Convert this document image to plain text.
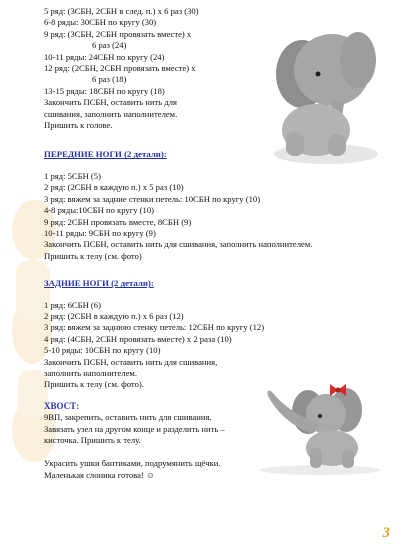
5 ряд: (3СБН, 2СБН в след. п.) х 6 раз (30)
6-8 ряды: 30СБН по кругу (30)
9 ряд: (3СБН, 2СБН провязать вместе) х
6 раз (24)
10-11 ряды: 24СБН по кругу (24)
12 ряд: (2СБН, 2СБН провязать вместе) х
6 раз (18)
13-15 ряды: 18СБН по кругу (18)
Закончить ПСБН, оставить нить для
сшивания, заполнить наполнителем.
Пришить к голове.
ПЕРЕДНИЕ НОГИ (2 детали):
1 ряд: 5СБН (5)
2 ряд: (2СБН в каждую п.) х 5 раз (10)
3 ряд: вяжем за задние стенки петель: 10СБН по кругу (10)
4-8 ряды:10СБН по кругу (10)
9 ряд: 2СБН провязать вместе, 8СБН (9)
10-11 ряды: 9СБН по кругу (9)
Закончить ПСБН, оставить нить для сшивания, заполнить наполнителем.
Пришить к телу (см. фото)
ЗАДНИЕ НОГИ (2 детали):
1 ряд: 6СБН (6)
2 ряд: (2СБН в каждую п.) х 6 раз (12)
3 ряд: вяжем за заднюю стенку петель: 12СБН по кругу (12)
4 ряд: (4СБН, 2СБН провязать вместе) х 2 раза (10)
5-10 ряды: 10СБН по кругу (10)
Закончить ПСБН, оставить нить для сшивания,
заполнить наполнителем.
Пришить к телу (см. фото).
ХВОСТ:
9ВП, закрепить, оставить нить для сшивания.
Завязать узел на другом конце и разделить нить –
кисточка. Пришить к телу.
Украсить ушки бантиками, подрумянить щёчки.
Маленькая слоника готова! ☺
3
